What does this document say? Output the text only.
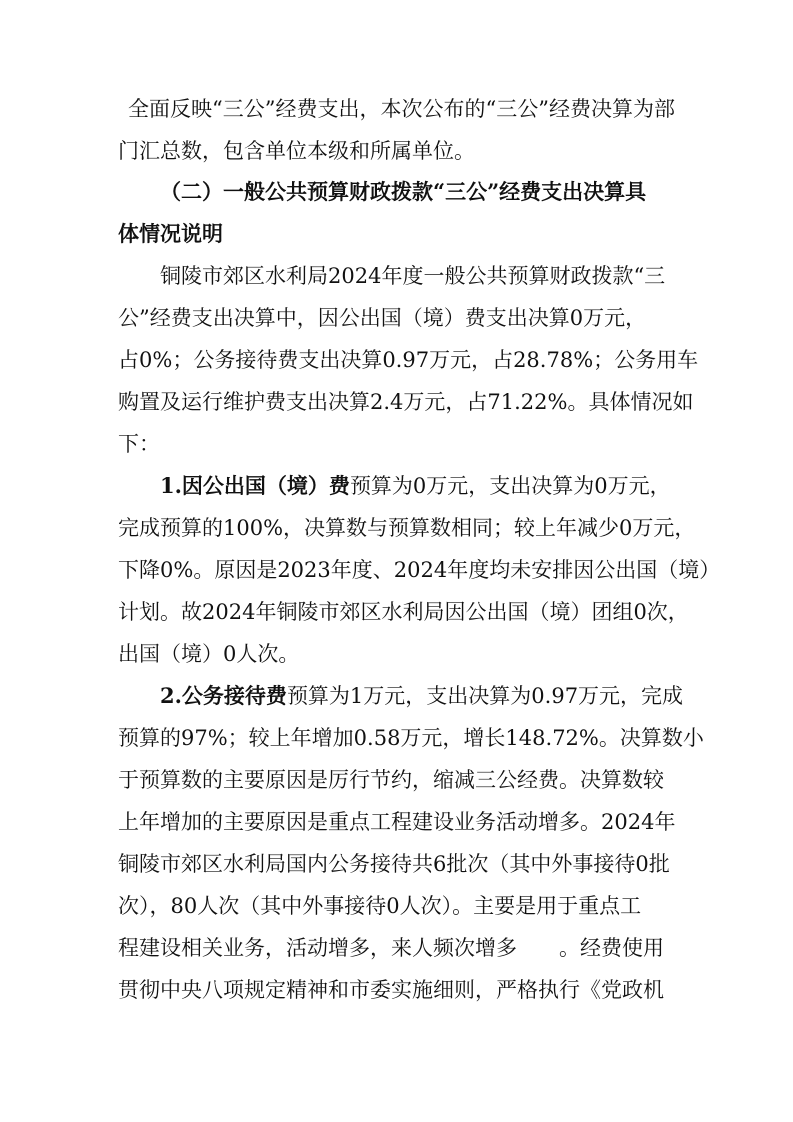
全面反映“三公”经费支出，本次公布的“三公”经费决算为部
门汇总数，包含单位本级和所属单位。
（二）一般公共预算财政拨款“三公”经费支出决算具
体情况说明
铜陵市郊区水利局2024年度一般公共预算财政拨款“三
公”经费支出决算中，因公出国（境）费支出决算0万元，
占0%；公务接待费支出决算0.97万元，占28.78%；公务用车
购置及运行维护费支出决算2.4万元，占71.22%。具体情况如
下：
1.因公出国（境）费预算为0万元，支出决算为0万元，
完成预算的100%，决算数与预算数相同；较上年减少0万元，
下降0%。原因是2023年度、2024年度均未安排因公出国（境）
计划。故2024年铜陵市郊区水利局因公出国（境）团组0次，
出国（境）0人次。
2.公务接待费预算为1万元，支出决算为0.97万元，完成
预算的97%；较上年增加0.58万元，增长148.72%。决算数小
于预算数的主要原因是厉行节约，缩减三公经费。决算数较
上年增加的主要原因是重点工程建设业务活动增多。2024年
铜陵市郊区水利局国内公务接待共6批次（其中外事接待0批
次），80人次（其中外事接待0人次）。主要是用于重点工
程建设相关业务，活动增多，来人频次增多　　。经费使用
贯彻中央八项规定精神和市委实施细则，严格执行《党政机
